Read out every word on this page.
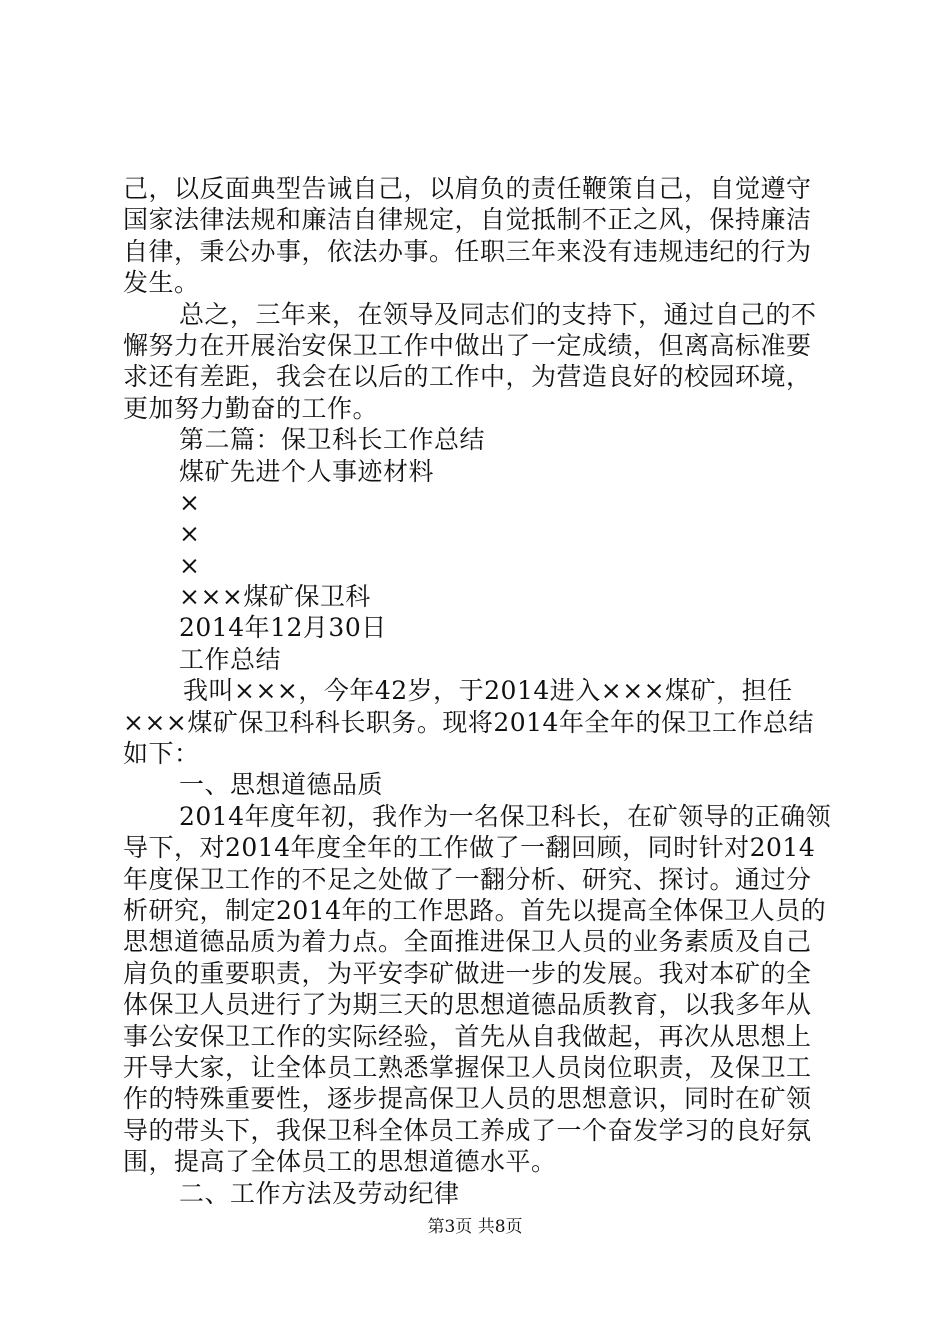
己，以反面典型告诫自己，以肩负的责任鞭策自己，自觉遵守
国家法律法规和廉洁自律规定，自觉抵制不正之风，保持廉洁
自律，秉公办事，依法办事。任职三年来没有违规违纪的行为
发生。
总之，三年来，在领导及同志们的支持下，通过自己的不
懈努力在开展治安保卫工作中做出了一定成绩，但离高标准要
求还有差距，我会在以后的工作中，为营造良好的校园环境，
更加努力勤奋的工作。
第二篇：保卫科长工作总结
煤矿先进个人事迹材料
×
×
×
×××煤矿保卫科
2014年12月30日
工作总结
我叫×××，今年42岁，于2014进入×××煤矿，担任
×××煤矿保卫科科长职务。现将2014年全年的保卫工作总结
如下：
一、思想道德品质
2014年度年初，我作为一名保卫科长，在矿领导的正确领
导下，对2014年度全年的工作做了一翻回顾，同时针对2014
年度保卫工作的不足之处做了一翻分析、研究、探讨。通过分
析研究，制定2014年的工作思路。首先以提高全体保卫人员的
思想道德品质为着力点。全面推进保卫人员的业务素质及自己
肩负的重要职责，为平安李矿做进一步的发展。我对本矿的全
体保卫人员进行了为期三天的思想道德品质教育，以我多年从
事公安保卫工作的实际经验，首先从自我做起，再次从思想上
开导大家，让全体员工熟悉掌握保卫人员岗位职责，及保卫工
作的特殊重要性，逐步提高保卫人员的思想意识，同时在矿领
导的带头下，我保卫科全体员工养成了一个奋发学习的良好氛
围，提高了全体员工的思想道德水平。
二、工作方法及劳动纪律
第3页 共8页
